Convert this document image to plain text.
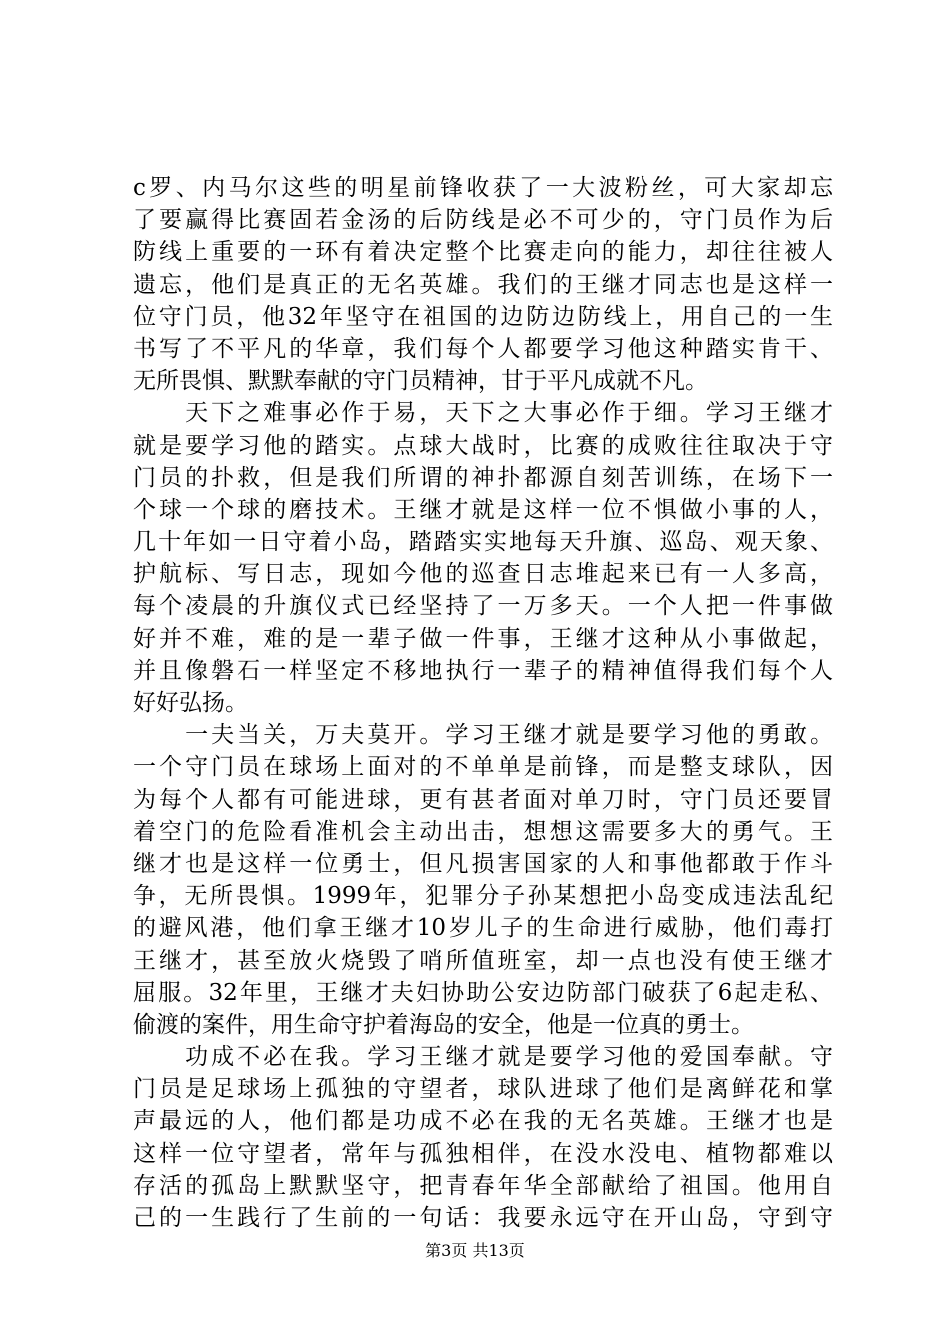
c罗、内马尔这些的明星前锋收获了一大波粉丝，可大家却忘
了要赢得比赛固若金汤的后防线是必不可少的，守门员作为后
防线上重要的一环有着决定整个比赛走向的能力，却往往被人
遗忘，他们是真正的无名英雄。我们的王继才同志也是这样一
位守门员，他32年坚守在祖国的边防边防线上，用自己的一生
书写了不平凡的华章，我们每个人都要学习他这种踏实肯干、
无所畏惧、默默奉献的守门员精神，甘于平凡成就不凡。
　　天下之难事必作于易，天下之大事必作于细。学习王继才
就是要学习他的踏实。点球大战时，比赛的成败往往取决于守
门员的扑救，但是我们所谓的神扑都源自刻苦训练，在场下一
个球一个球的磨技术。王继才就是这样一位不惧做小事的人，
几十年如一日守着小岛，踏踏实实地每天升旗、巡岛、观天象、
护航标、写日志，现如今他的巡查日志堆起来已有一人多高，
每个凌晨的升旗仪式已经坚持了一万多天。一个人把一件事做
好并不难，难的是一辈子做一件事，王继才这种从小事做起，
并且像磐石一样坚定不移地执行一辈子的精神值得我们每个人
好好弘扬。
　　一夫当关，万夫莫开。学习王继才就是要学习他的勇敢。
一个守门员在球场上面对的不单单是前锋，而是整支球队，因
为每个人都有可能进球，更有甚者面对单刀时，守门员还要冒
着空门的危险看准机会主动出击，想想这需要多大的勇气。王
继才也是这样一位勇士，但凡损害国家的人和事他都敢于作斗
争，无所畏惧。1999年，犯罪分子孙某想把小岛变成违法乱纪
的避风港，他们拿王继才10岁儿子的生命进行威胁，他们毒打
王继才，甚至放火烧毁了哨所值班室，却一点也没有使王继才
屈服。32年里，王继才夫妇协助公安边防部门破获了6起走私、
偷渡的案件，用生命守护着海岛的安全，他是一位真的勇士。
　　功成不必在我。学习王继才就是要学习他的爱国奉献。守
门员是足球场上孤独的守望者，球队进球了他们是离鲜花和掌
声最远的人，他们都是功成不必在我的无名英雄。王继才也是
这样一位守望者，常年与孤独相伴，在没水没电、植物都难以
存活的孤岛上默默坚守，把青春年华全部献给了祖国。他用自
己的一生践行了生前的一句话：我要永远守在开山岛，守到守
第3页 共13页
